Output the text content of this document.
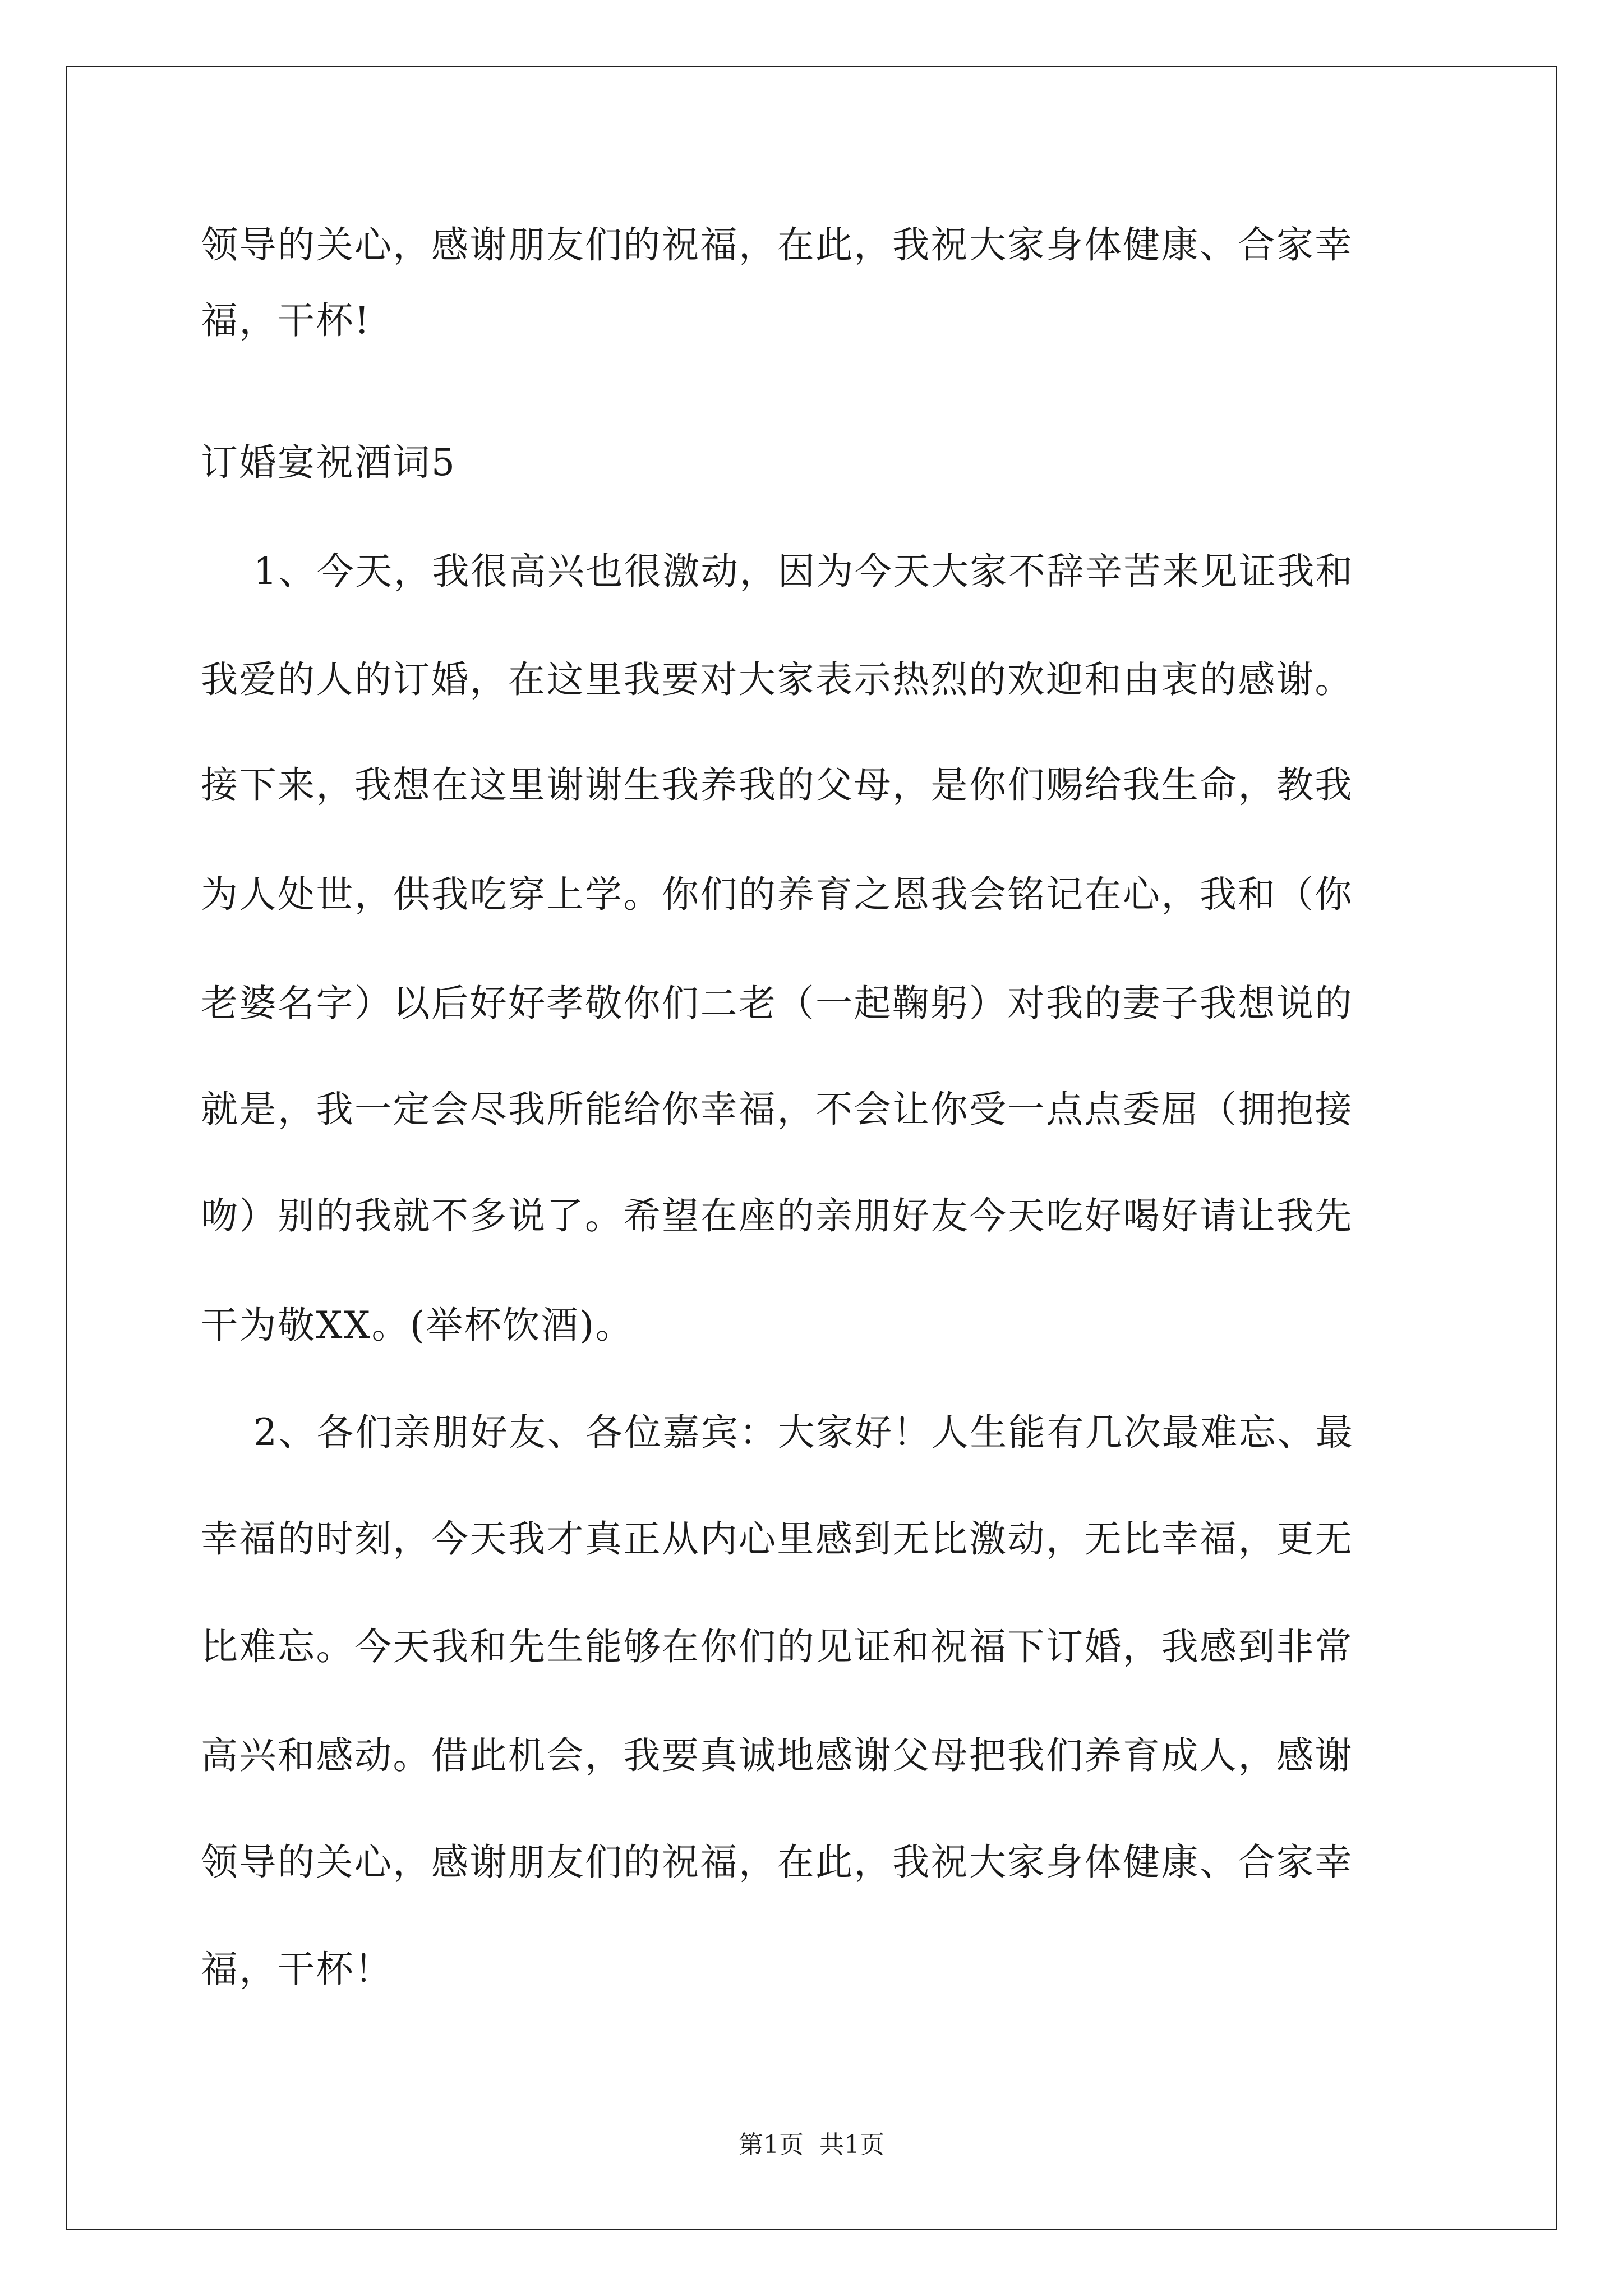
领导的关心，感谢朋友们的祝福，在此，我祝大家身体健康、合家幸
福，干杯!
订婚宴祝酒词5
1、今天，我很高兴也很激动，因为今天大家不辞辛苦来见证我和
我爱的人的订婚，在这里我要对大家表示热烈的欢迎和由衷的感谢。
接下来，我想在这里谢谢生我养我的父母，是你们赐给我生命，教我
为人处世，供我吃穿上学。你们的养育之恩我会铭记在心，我和（你
老婆名字）以后好好孝敬你们二老（一起鞠躬）对我的妻子我想说的
就是，我一定会尽我所能给你幸福，不会让你受一点点委屈（拥抱接
吻）别的我就不多说了。希望在座的亲朋好友今天吃好喝好请让我先
干为敬XX。(举杯饮酒)。
2、各们亲朋好友、各位嘉宾：大家好！人生能有几次最难忘、最
幸福的时刻，今天我才真正从内心里感到无比激动，无比幸福，更无
比难忘。今天我和先生能够在你们的见证和祝福下订婚，我感到非常
高兴和感动。借此机会，我要真诚地感谢父母把我们养育成人，感谢
领导的关心，感谢朋友们的祝福，在此，我祝大家身体健康、合家幸
福，干杯！
第1页  共1页
